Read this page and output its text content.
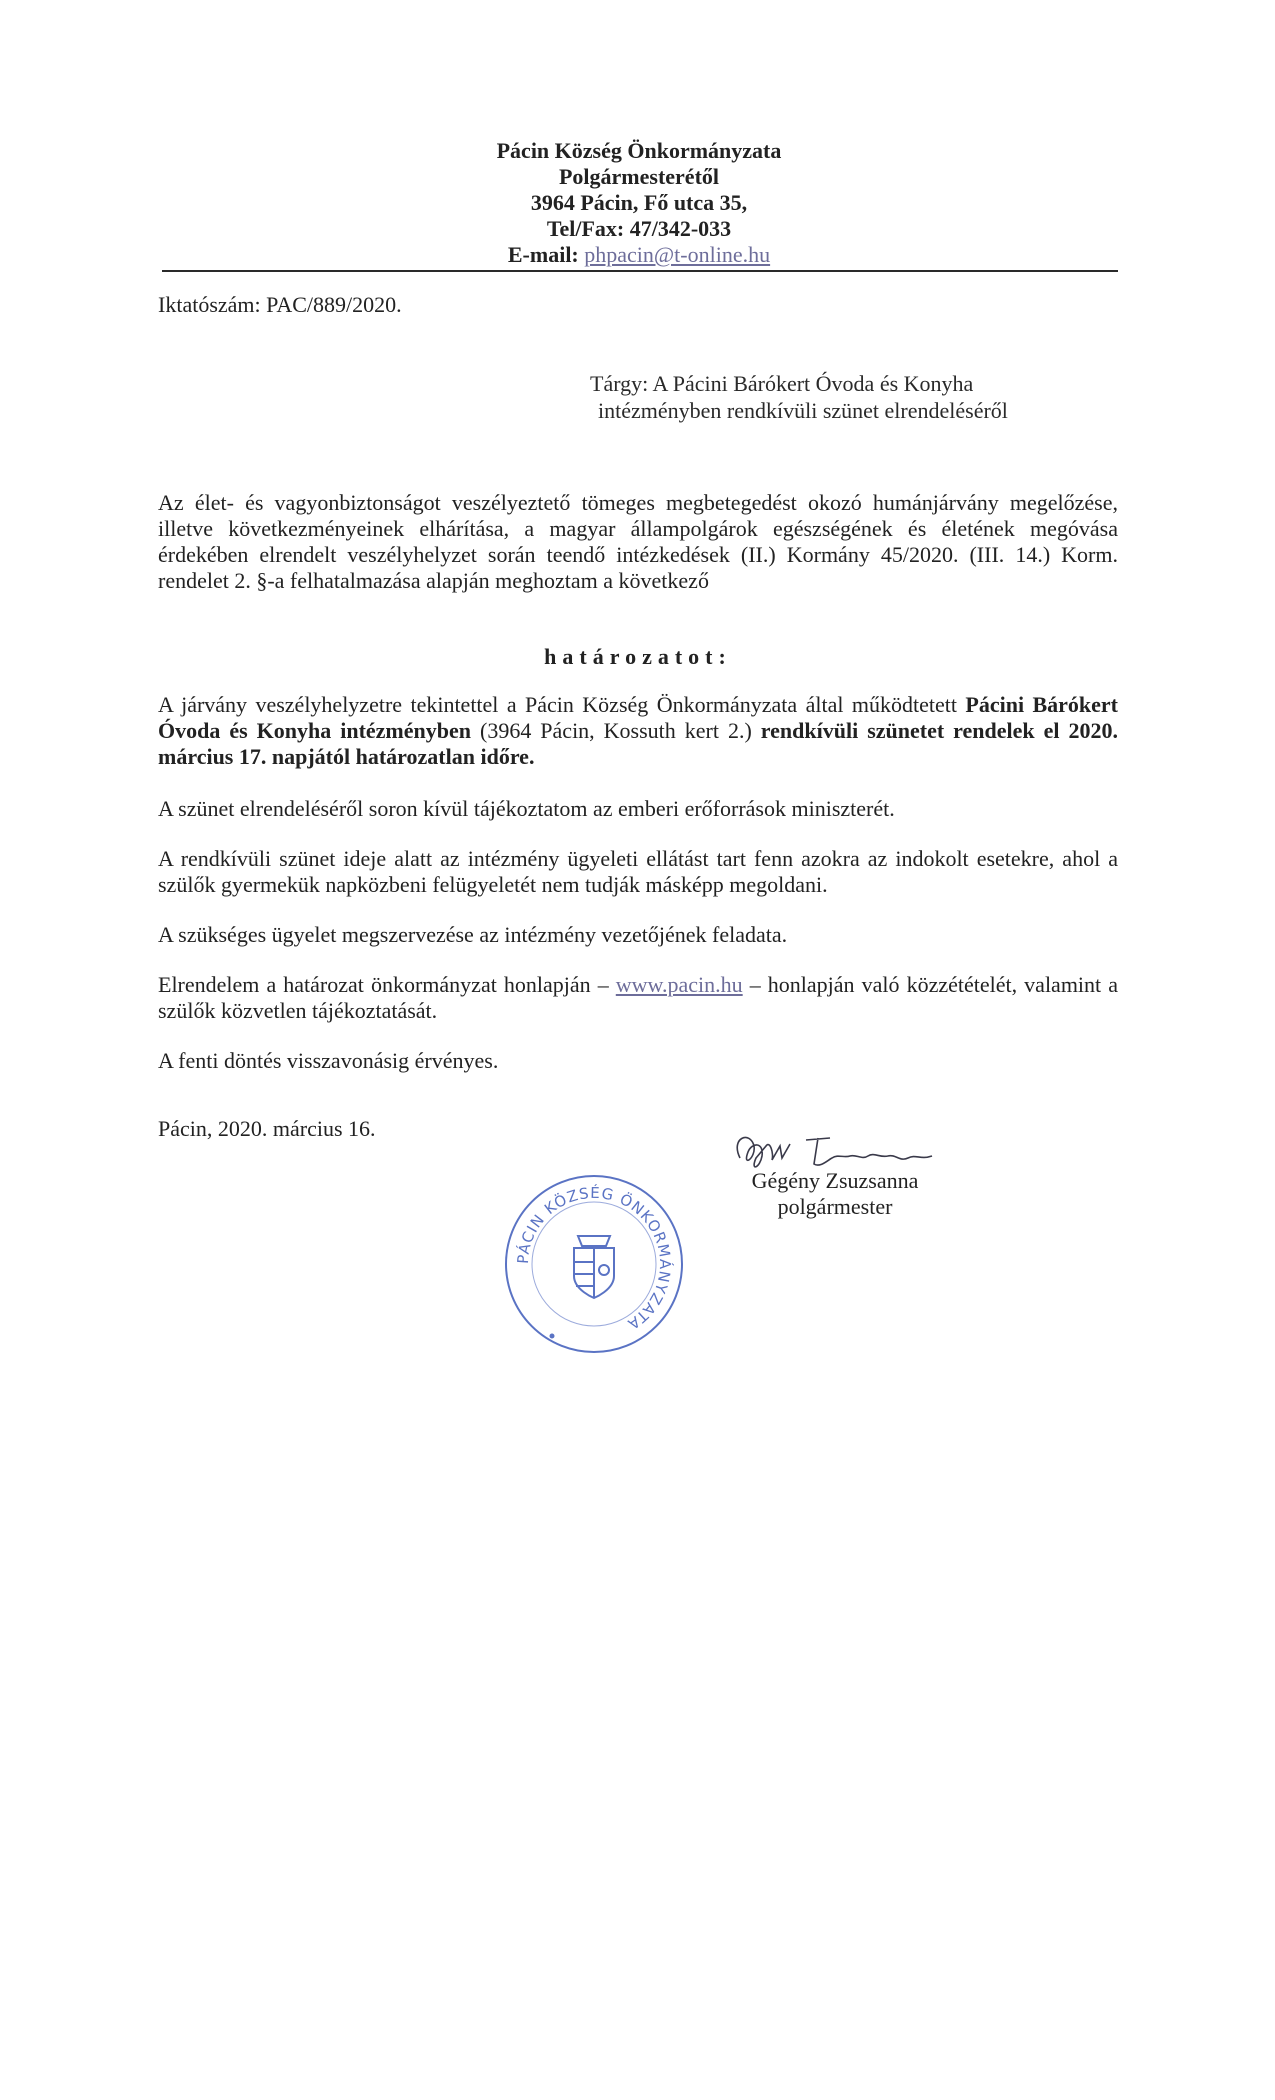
Pácin Község Önkormányzata
Polgármesterétől
3964 Pácin, Fő utca 35,
Tel/Fax: 47/342-033
E-mail: phpacin@t-online.hu
Iktatószám: PAC/889/2020.
Tárgy: A Pácini Bárókert Óvoda és Konyha
intézményben rendkívüli szünet elrendeléséről

Az élet- és vagyonbiztonságot veszélyeztető tömeges megbetegedést okozó humánjárvány megelőzése, illetve következményeinek elhárítása, a magyar állampolgárok egészségének és életének megóvása érdekében elrendelt veszélyhelyzet során teendő intézkedések (II.) Kormány 45/2020. (III. 14.) Korm. rendelet 2. §-a felhatalmazása alapján meghoztam a következő

határozatot:

A járvány veszélyhelyzetre tekintettel a Pácin Község Önkormányzata által működtetett Pácini Bárókert Óvoda és Konyha intézményben (3964 Pácin, Kossuth kert 2.) rendkívüli szünetet rendelek el 2020. március 17. napjától határozatlan időre.

A szünet elrendeléséről soron kívül tájékoztatom az emberi erőforrások miniszterét.

A rendkívüli szünet ideje alatt az intézmény ügyeleti ellátást tart fenn azokra az indokolt esetekre, ahol a szülők gyermekük napközbeni felügyeletét nem tudják másképp megoldani.

A szükséges ügyelet megszervezése az intézmény vezetőjének feladata.

Elrendelem a határozat önkormányzat honlapján – www.pacin.hu – honlapján való közzétételét, valamint a szülők közvetlen tájékoztatását.

A fenti döntés visszavonásig érvényes.

Pácin, 2020. március 16.
Gégény Zsuzsanna
polgármester
PÁCIN KÖZSÉG ÖNKORMÁNYZATA
